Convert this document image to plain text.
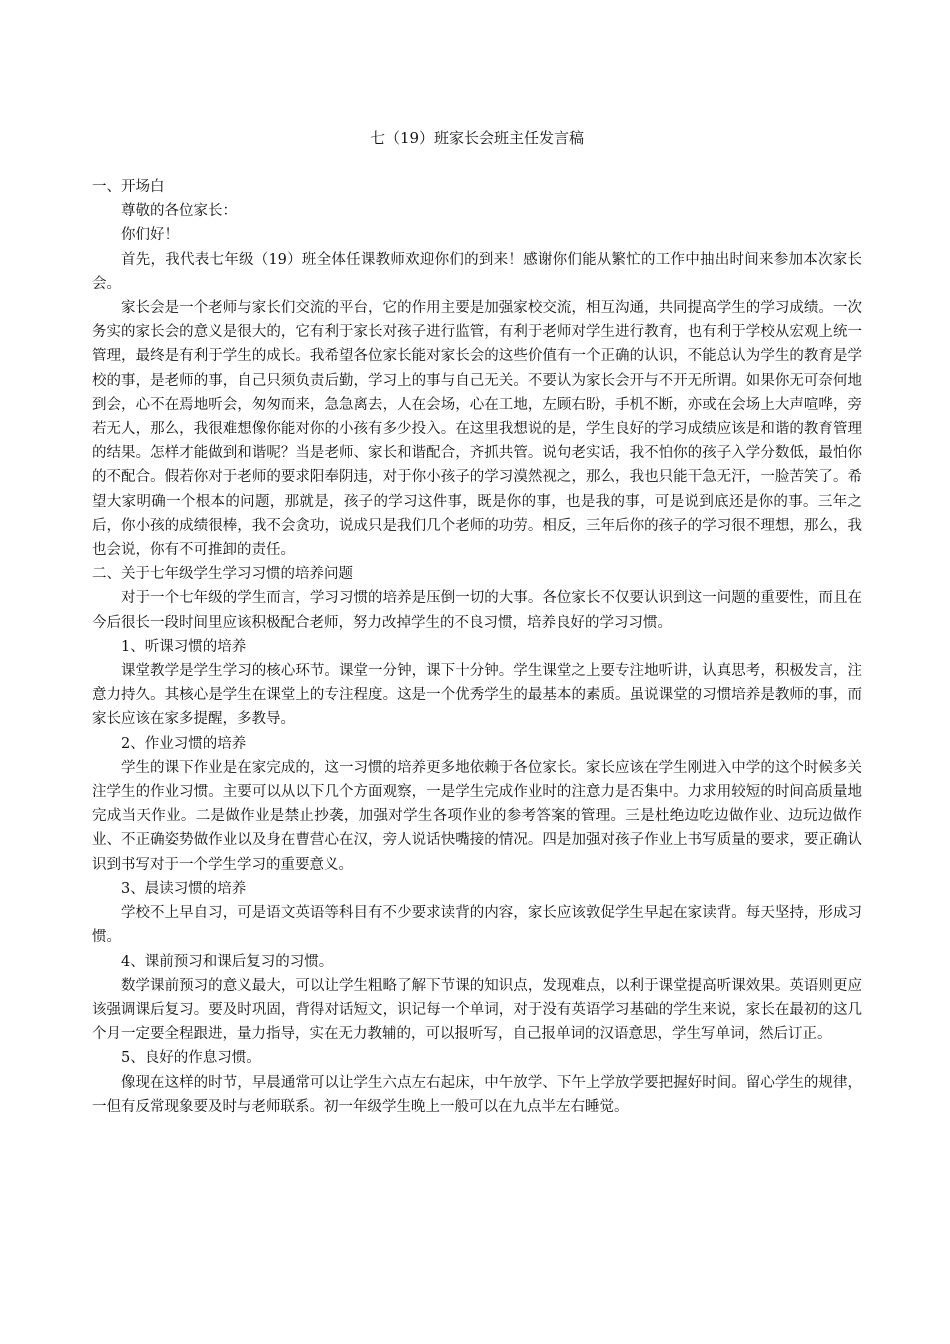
七（19）班家长会班主任发言稿

一、开场白

尊敬的各位家长：

你们好！

首先，我代表七年级（19）班全体任课教师欢迎你们的到来！感谢你们能从繁忙的工作中抽出时间来参加本次家长会。

家长会是一个老师与家长们交流的平台，它的作用主要是加强家校交流，相互沟通，共同提高学生的学习成绩。一次务实的家长会的意义是很大的，它有利于家长对孩子进行监管，有利于老师对学生进行教育，也有利于学校从宏观上统一管理，最终是有利于学生的成长。我希望各位家长能对家长会的这些价值有一个正确的认识，不能总认为学生的教育是学校的事，是老师的事，自己只须负责后勤，学习上的事与自己无关。不要认为家长会开与不开无所谓。如果你无可奈何地到会，心不在焉地听会，匆匆而来，急急离去，人在会场，心在工地，左顾右盼，手机不断，亦或在会场上大声喧哗，旁若无人，那么，我很难想像你能对你的小孩有多少投入。在这里我想说的是，学生良好的学习成绩应该是和谐的教育管理的结果。怎样才能做到和谐呢？当是老师、家长和谐配合，齐抓共管。说句老实话，我不怕你的孩子入学分数低，最怕你的不配合。假若你对于老师的要求阳奉阴违，对于你小孩子的学习漠然视之，那么，我也只能干急无汗，一脸苦笑了。希望大家明确一个根本的问题，那就是，孩子的学习这件事，既是你的事，也是我的事，可是说到底还是你的事。三年之后，你小孩的成绩很棒，我不会贪功，说成只是我们几个老师的功劳。相反，三年后你的孩子的学习很不理想，那么，我也会说，你有不可推卸的责任。

二、关于七年级学生学习习惯的培养问题

对于一个七年级的学生而言，学习习惯的培养是压倒一切的大事。各位家长不仅要认识到这一问题的重要性，而且在今后很长一段时间里应该积极配合老师，努力改掉学生的不良习惯，培养良好的学习习惯。

1、听课习惯的培养

课堂教学是学生学习的核心环节。课堂一分钟，课下十分钟。学生课堂之上要专注地听讲，认真思考，积极发言，注意力持久。其核心是学生在课堂上的专注程度。这是一个优秀学生的最基本的素质。虽说课堂的习惯培养是教师的事，而家长应该在家多提醒，多教导。

2、作业习惯的培养

学生的课下作业是在家完成的，这一习惯的培养更多地依赖于各位家长。家长应该在学生刚进入中学的这个时候多关注学生的作业习惯。主要可以从以下几个方面观察，一是学生完成作业时的注意力是否集中。力求用较短的时间高质量地完成当天作业。二是做作业是禁止抄袭，加强对学生各项作业的参考答案的管理。三是杜绝边吃边做作业、边玩边做作业、不正确姿势做作业以及身在曹营心在汉，旁人说话快嘴接的情况。四是加强对孩子作业上书写质量的要求，要正确认识到书写对于一个学生学习的重要意义。

3、晨读习惯的培养

学校不上早自习，可是语文英语等科目有不少要求读背的内容，家长应该敦促学生早起在家读背。每天坚持，形成习惯。

4、课前预习和课后复习的习惯。

数学课前预习的意义最大，可以让学生粗略了解下节课的知识点，发现难点，以利于课堂提高听课效果。英语则更应该强调课后复习。要及时巩固，背得对话短文，识记每一个单词，对于没有英语学习基础的学生来说，家长在最初的这几个月一定要全程跟进，量力指导，实在无力教辅的，可以报听写，自己报单词的汉语意思，学生写单词，然后订正。

5、良好的作息习惯。

像现在这样的时节，早晨通常可以让学生六点左右起床，中午放学、下午上学放学要把握好时间。留心学生的规律，一但有反常现象要及时与老师联系。初一年级学生晚上一般可以在九点半左右睡觉。
